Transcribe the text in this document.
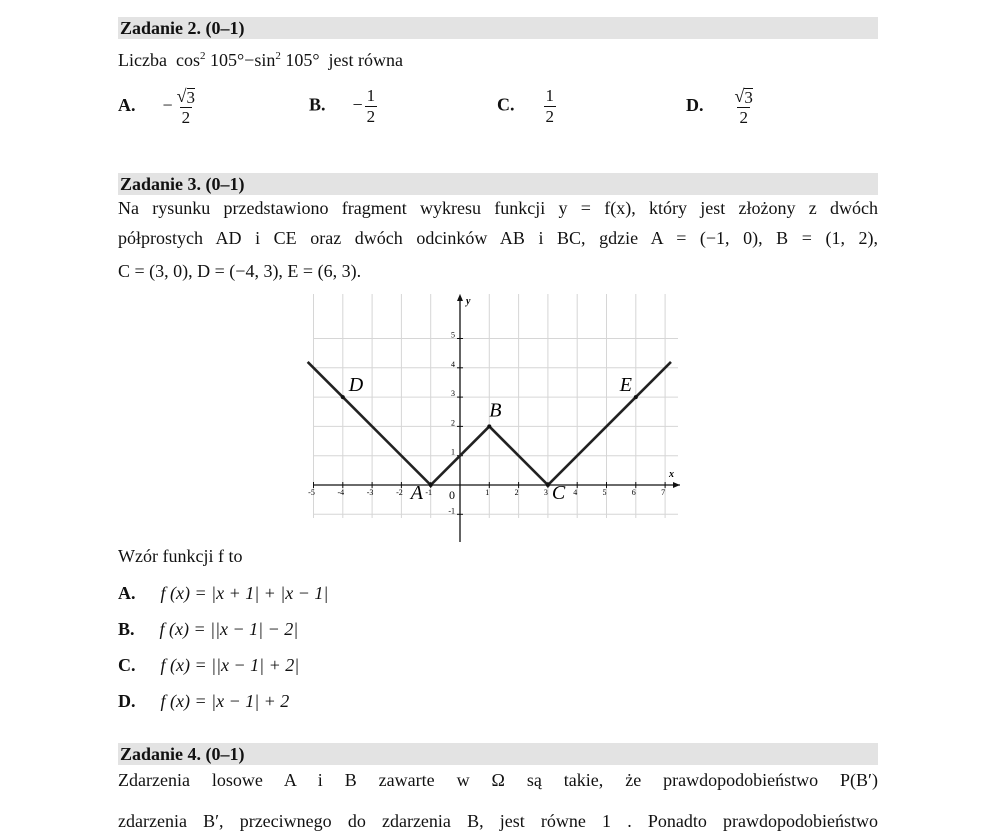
Zadanie 2. (0–1)
Liczba $\cos^2 105^\circ-\sin^2$ 105° jest równa
A. − $\frac{√ 3}{2}$	B. − $\frac{1}{2}$	C. $\frac{1}{2}$	D. $\frac{√ 3}{2}$
Zadanie 3. (0–1)
Na rysunku przedstawiono fragment wykresu funkcji y = f(x), który jest złożony z dwóch
półprostych AD i CE oraz dwóch odcinków AB i BC, gdzie A = (−1, 0), B = (1, 2),
C = (3, 0), D = (−4, 3), E = (6, 3).
x
y
-5	-4	-3	-2	-1 0	1	2	3	4	5	6	7
-1
1
2
3
4
5
A
B
C
D	E
Wzór funkcji f to
A. f (x) = |x + 1| + |x − 1|
B. f (x) = ||x − 1| − 2|
C. f (x) = ||x − 1| + 2|
D. f (x) = |x − 1| + 2
Zadanie 4. (0–1)
Zdarzenia losowe A i B zawarte w Ω są takie, że prawdopodobieństwo P(B′)
zdarzenia B′, przeciwnego do zdarzenia B, jest równe 1 . Ponadto prawdopodobieństwo
